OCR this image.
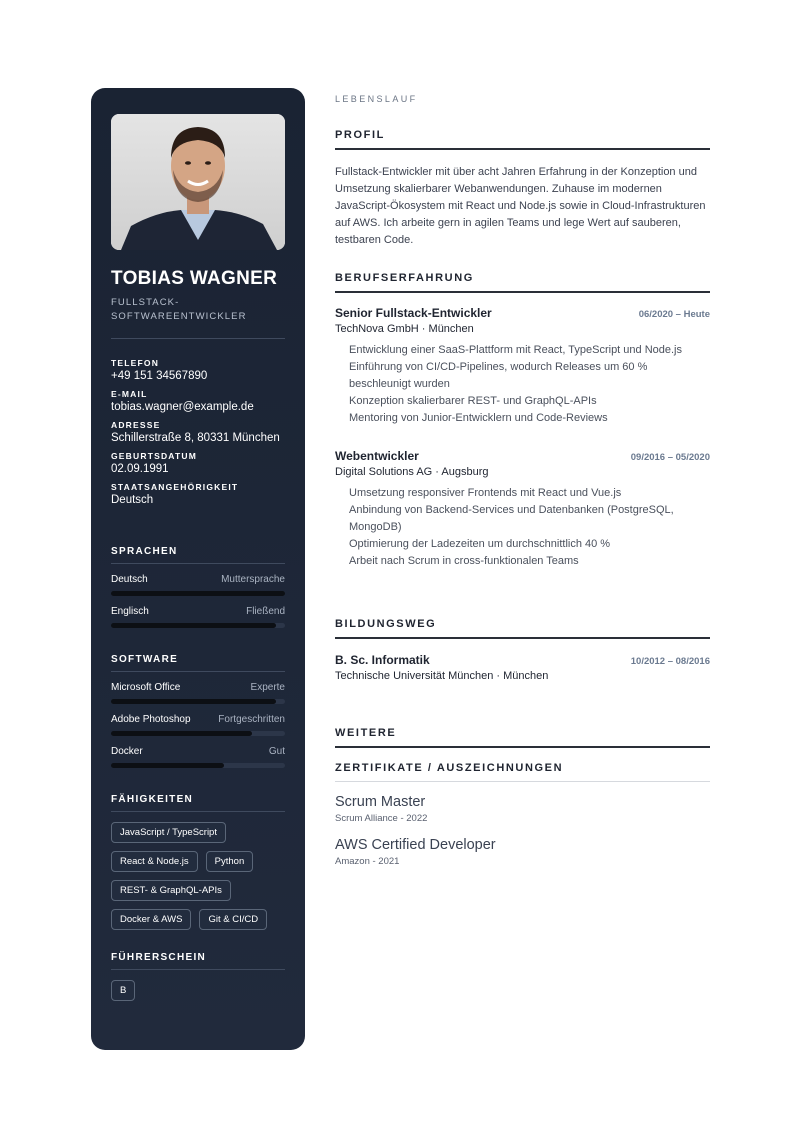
TOBIAS WAGNER
FULLSTACK-SOFTWAREENTWICKLER
TELEFON
+49 151 34567890
E-MAIL
tobias.wagner@example.de
ADRESSE
Schillerstraße 8, 80331 München
GEBURTSDATUM
02.09.1991
STAATSANGEHÖRIGKEIT
Deutsch
SPRACHEN
Deutsch	Muttersprache
Englisch	Fließend
SOFTWARE
Microsoft Office	Experte
Adobe Photoshop	Fortgeschritten
Docker	Gut
FÄHIGKEITEN
JavaScript / TypeScript
React & Node.js	Python
REST- & GraphQL-APIs
Docker & AWS	Git & CI/CD
FÜHRERSCHEIN
B
LEBENSLAUF
PROFIL
Fullstack-Entwickler mit über acht Jahren Erfahrung in der Konzeption und Umsetzung skalierbarer Webanwendungen. Zuhause im modernen JavaScript-Ökosystem mit React und Node.js sowie in Cloud-Infrastrukturen auf AWS. Ich arbeite gern in agilen Teams und lege Wert auf sauberen, testbaren Code.
BERUFSERFAHRUNG
Senior Fullstack-Entwickler	06/2020 – Heute
TechNova GmbH · München
Entwicklung einer SaaS-Plattform mit React, TypeScript und Node.js
Einführung von CI/CD-Pipelines, wodurch Releases um 60 % beschleunigt wurden
Konzeption skalierbarer REST- und GraphQL-APIs
Mentoring von Junior-Entwicklern und Code-Reviews
Webentwickler	09/2016 – 05/2020
Digital Solutions AG · Augsburg
Umsetzung responsiver Frontends mit React und Vue.js
Anbindung von Backend-Services und Datenbanken (PostgreSQL, MongoDB)
Optimierung der Ladezeiten um durchschnittlich 40 %
Arbeit nach Scrum in cross-funktionalen Teams
BILDUNGSWEG
B. Sc. Informatik	10/2012 – 08/2016
Technische Universität München · München
WEITERE
ZERTIFIKATE / AUSZEICHNUNGEN
Scrum Master
Scrum Alliance - 2022
AWS Certified Developer
Amazon - 2021
